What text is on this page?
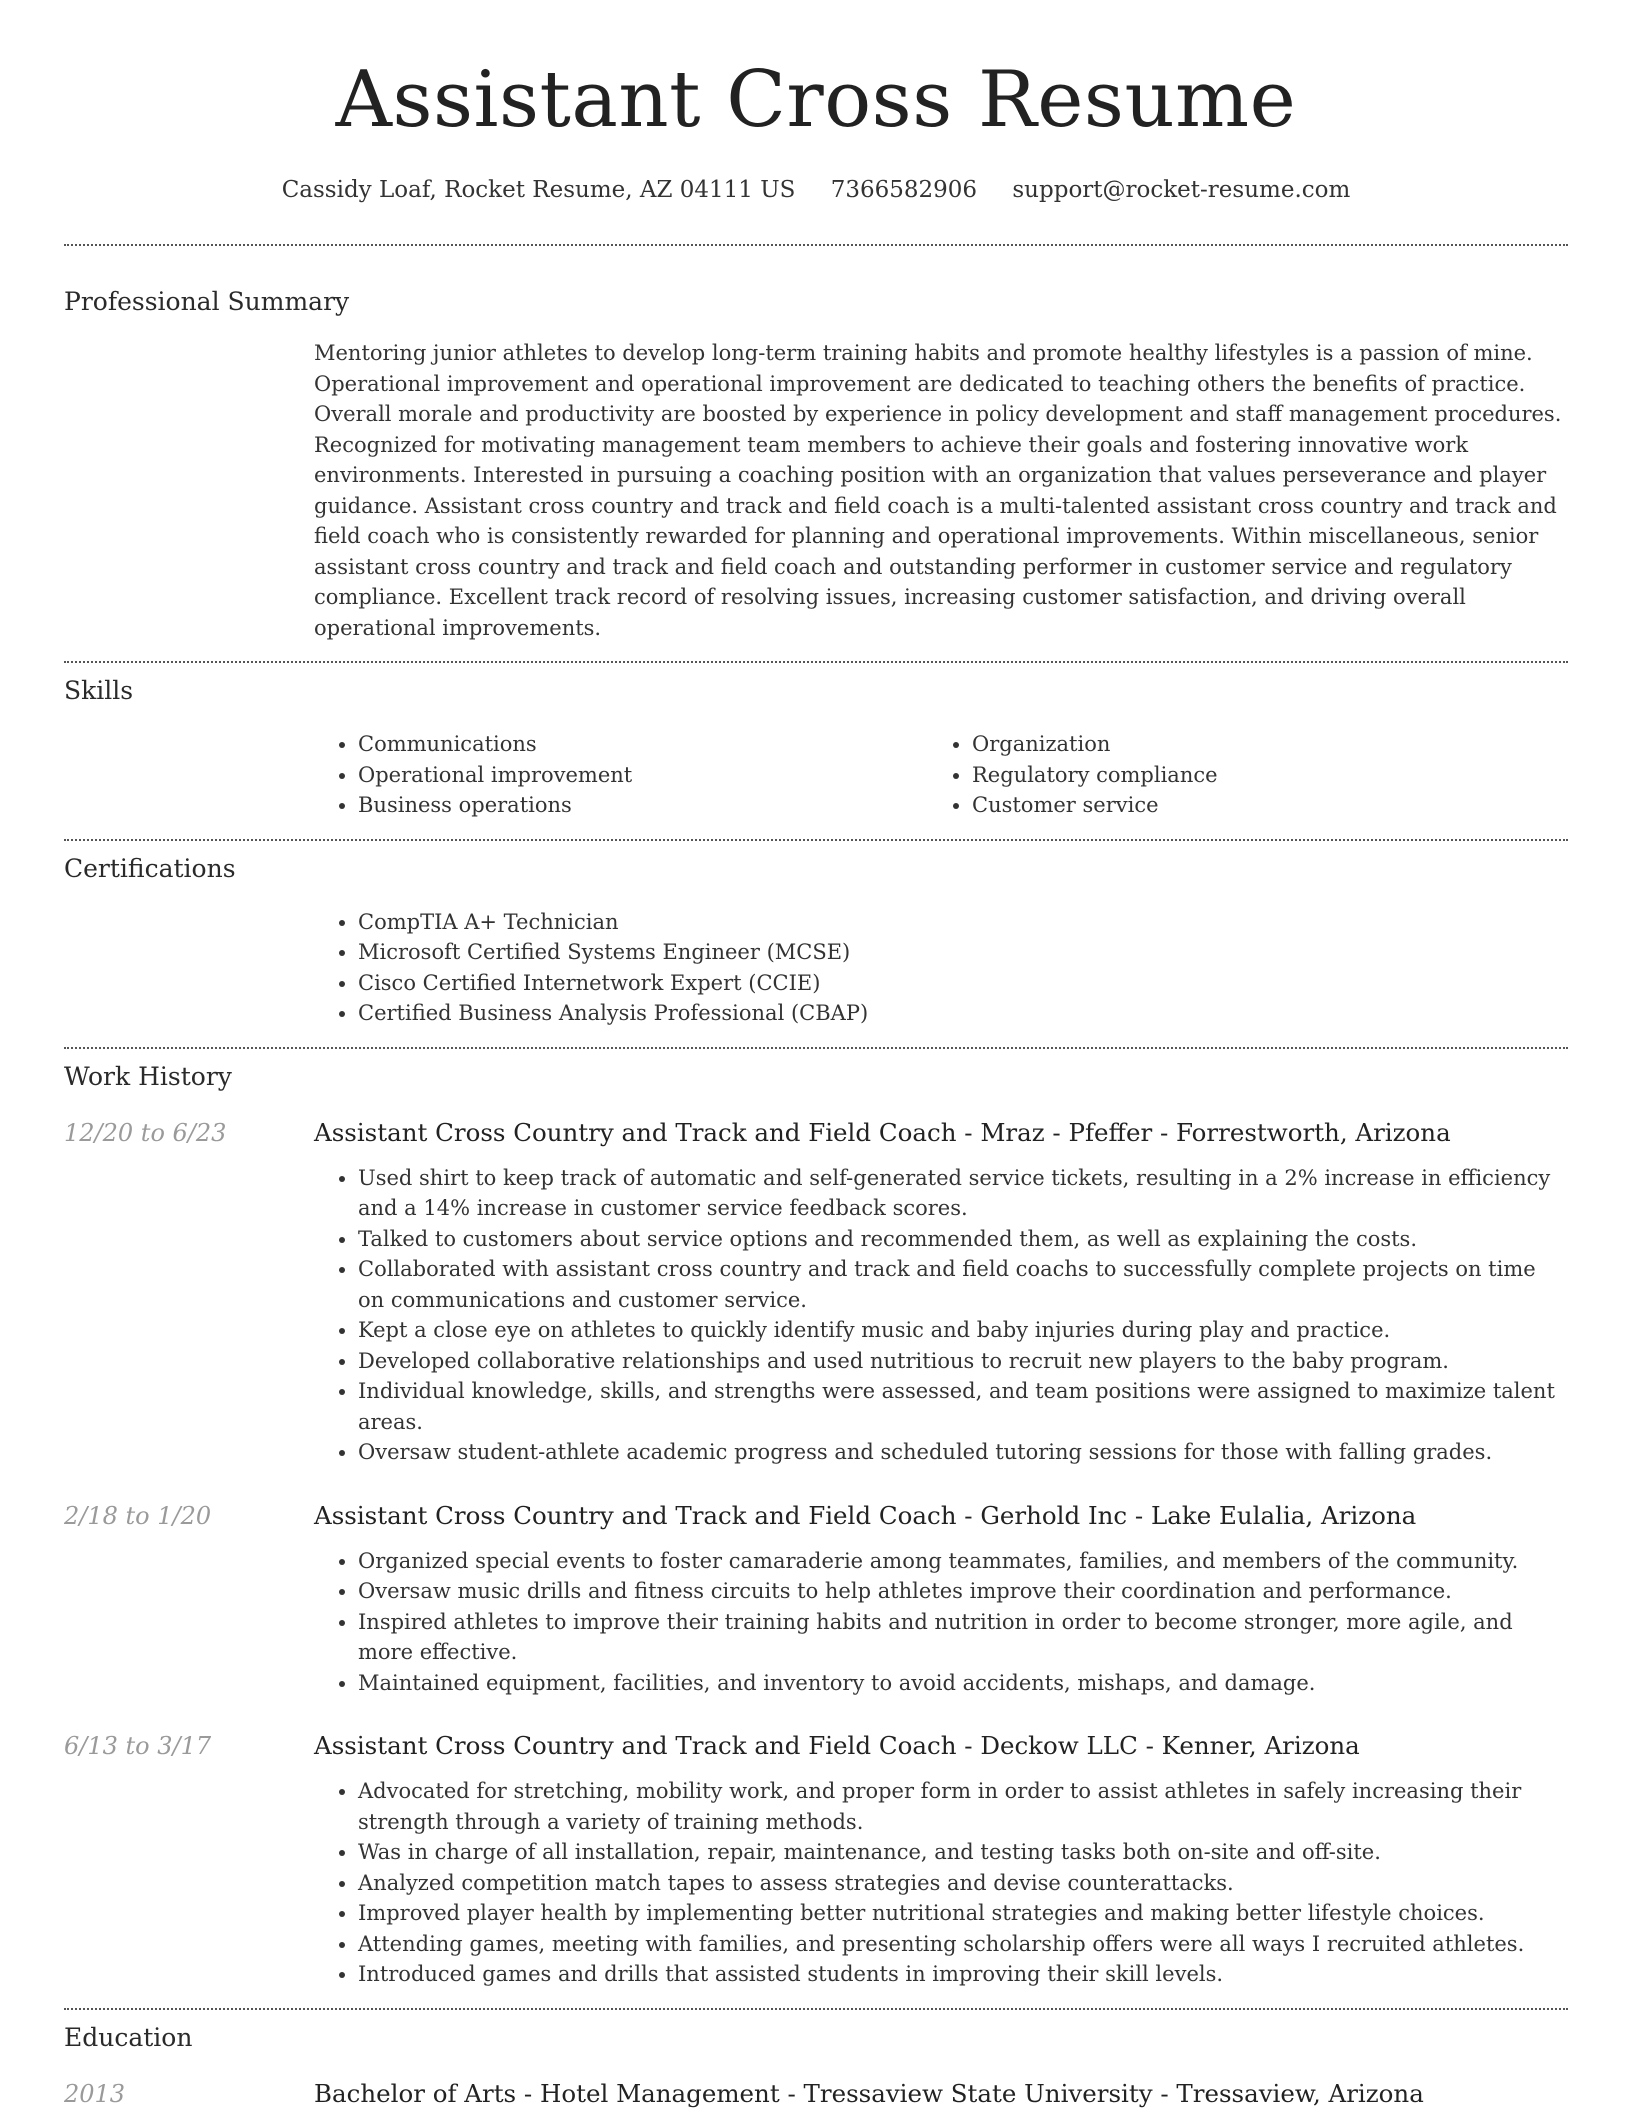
Assistant Cross Resume
Cassidy Loaf, Rocket Resume, AZ 04111 US 7366582906 support@rocket-resume.com
Professional Summary

Mentoring junior athletes to develop long-term training habits and promote healthy lifestyles is a passion of mine. Operational improvement and operational improvement are dedicated to teaching others the benefits of practice. Overall morale and productivity are boosted by experience in policy development and staff management procedures. Recognized for motivating management team members to achieve their goals and fostering innovative work environments. Interested in pursuing a coaching position with an organization that values perseverance and player guidance. Assistant cross country and track and field coach is a multi-talented assistant cross country and track and field coach who is consistently rewarded for planning and operational improvements. Within miscellaneous, senior assistant cross country and track and field coach and outstanding performer in customer service and regulatory compliance. Excellent track record of resolving issues, increasing customer satisfaction, and driving overall operational improvements.

Skills
• Communications
• Operational improvement
• Business operations
• Organization
• Regulatory compliance
• Customer service
Certifications
• CompTIA A+ Technician
• Microsoft Certified Systems Engineer (MCSE)
• Cisco Certified Internetwork Expert (CCIE)
• Certified Business Analysis Professional (CBAP)
Work History
12/20 to 6/23	Assistant Cross Country and Track and Field Coach - Mraz - Pfeffer - Forrestworth, Arizona
• Used shirt to keep track of automatic and self-generated service tickets, resulting in a 2% increase in efficiency and a 14% increase in customer service feedback scores.
• Talked to customers about service options and recommended them, as well as explaining the costs.
• Collaborated with assistant cross country and track and field coachs to successfully complete projects on time on communications and customer service.
• Kept a close eye on athletes to quickly identify music and baby injuries during play and practice.
• Developed collaborative relationships and used nutritious to recruit new players to the baby program.
• Individual knowledge, skills, and strengths were assessed, and team positions were assigned to maximize talent areas.
• Oversaw student-athlete academic progress and scheduled tutoring sessions for those with falling grades.
2/18 to 1/20	Assistant Cross Country and Track and Field Coach - Gerhold Inc - Lake Eulalia, Arizona
• Organized special events to foster camaraderie among teammates, families, and members of the community.
• Oversaw music drills and fitness circuits to help athletes improve their coordination and performance.
• Inspired athletes to improve their training habits and nutrition in order to become stronger, more agile, and more effective.
• Maintained equipment, facilities, and inventory to avoid accidents, mishaps, and damage.
6/13 to 3/17	Assistant Cross Country and Track and Field Coach - Deckow LLC - Kenner, Arizona
• Advocated for stretching, mobility work, and proper form in order to assist athletes in safely increasing their strength through a variety of training methods.
• Was in charge of all installation, repair, maintenance, and testing tasks both on-site and off-site.
• Analyzed competition match tapes to assess strategies and devise counterattacks.
• Improved player health by implementing better nutritional strategies and making better lifestyle choices.
• Attending games, meeting with families, and presenting scholarship offers were all ways I recruited athletes.
• Introduced games and drills that assisted students in improving their skill levels.
Education
2013	Bachelor of Arts - Hotel Management - Tressaview State University - Tressaview, Arizona
